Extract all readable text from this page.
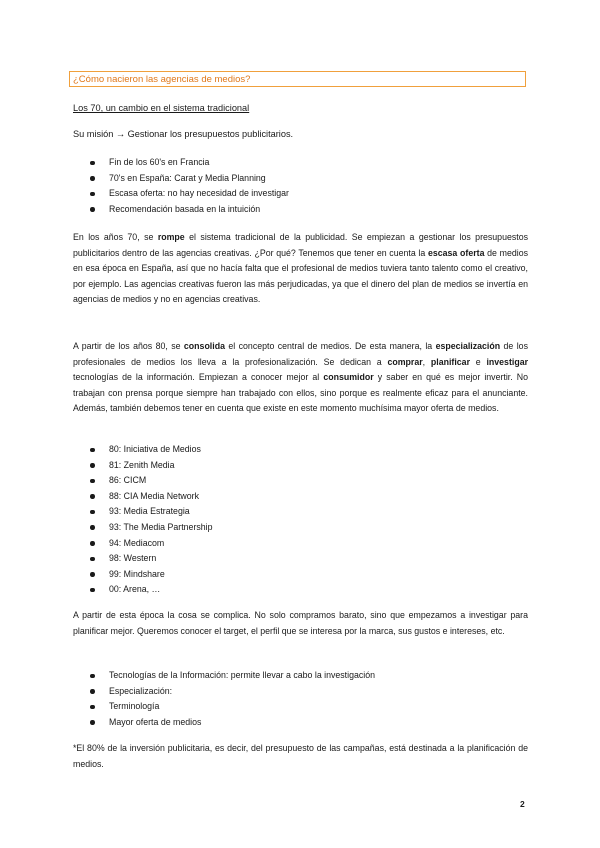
¿Cómo nacieron las agencias de medios?
Los 70, un cambio en el sistema tradicional
Su misión → Gestionar los presupuestos publicitarios.
Fin de los 60's en Francia
70's en España: Carat y Media Planning
Escasa oferta: no hay necesidad de investigar
Recomendación basada en la intuición
En los años 70, se rompe el sistema tradicional de la publicidad. Se empiezan a gestionar los presupuestos publicitarios dentro de las agencias creativas. ¿Por qué? Tenemos que tener en cuenta la escasa oferta de medios en esa época en España, así que no hacía falta que el profesional de medios tuviera tanto talento como el creativo, por ejemplo. Las agencias creativas fueron las más perjudicadas, ya que el dinero del plan de medios se invertía en agencias de medios y no en agencias creativas.
A partir de los años 80, se consolida el concepto central de medios. De esta manera, la especialización de los profesionales de medios los lleva a la profesionalización. Se dedican a comprar, planificar e investigar tecnologías de la información. Empiezan a conocer mejor al consumidor y saber en qué es mejor invertir. No trabajan con prensa porque siempre han trabajado con ellos, sino porque es realmente eficaz para el anunciante. Además, también debemos tener en cuenta que existe en este momento muchísima mayor oferta de medios.
80: Iniciativa de Medios
81: Zenith Media
86: CICM
88: CIA Media Network
93: Media Estrategia
93: The Media Partnership
94: Mediacom
98: Western
99: Mindshare
00: Arena, …
A partir de esta época la cosa se complica. No solo compramos barato, sino que empezamos a investigar para planificar mejor. Queremos conocer el target, el perfil que se interesa por la marca, sus gustos e intereses, etc.
Tecnologías de la Información: permite llevar a cabo la investigación
Especialización:
Terminología
Mayor oferta de medios
*El 80% de la inversión publicitaria, es decir, del presupuesto de las campañas, está destinada a la planificación de medios.
2
